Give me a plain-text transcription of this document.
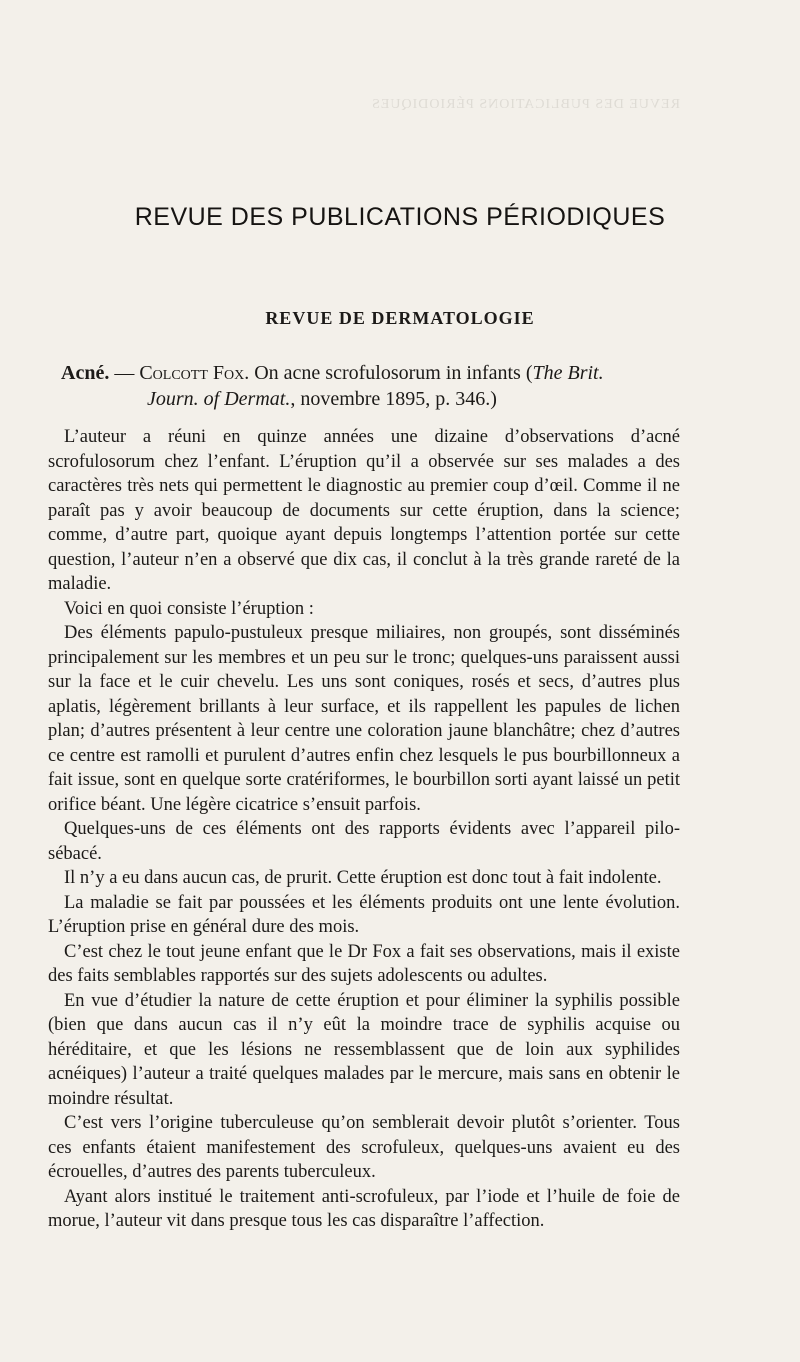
REVUE DES PUBLICATIONS PÉRIODIQUES
REVUE DES PUBLICATIONS PÉRIODIQUES
REVUE DE DERMATOLOGIE
Acné. — Colcott Fox. On acne scrofulosorum in infants (The Brit.
Journ. of Dermat., novembre 1895, p. 346.)

L’auteur a réuni en quinze années une dizaine d’observations d’acné scrofulosorum chez l’enfant. L’éruption qu’il a observée sur ses malades a des caractères très nets qui permettent le diagnostic au premier coup d’œil. Comme il ne paraît pas y avoir beaucoup de documents sur cette éruption, dans la science; comme, d’autre part, quoique ayant depuis longtemps l’attention portée sur cette question, l’auteur n’en a observé que dix cas, il conclut à la très grande rareté de la maladie.

Voici en quoi consiste l’éruption :

Des éléments papulo-pustuleux presque miliaires, non groupés, sont disséminés principalement sur les membres et un peu sur le tronc; quelques-uns paraissent aussi sur la face et le cuir chevelu. Les uns sont coniques, rosés et secs, d’autres plus aplatis, légèrement brillants à leur surface, et ils rappellent les papules de lichen plan; d’autres présentent à leur centre une coloration jaune blanchâtre; chez d’autres ce centre est ramolli et purulent d’autres enfin chez lesquels le pus bourbillonneux a fait issue, sont en quelque sorte cratériformes, le bourbillon sorti ayant laissé un petit orifice béant. Une légère cicatrice s’ensuit parfois.

Quelques-uns de ces éléments ont des rapports évidents avec l’appareil pilo-sébacé.

Il n’y a eu dans aucun cas, de prurit. Cette éruption est donc tout à fait indolente.

La maladie se fait par poussées et les éléments produits ont une lente évolution. L’éruption prise en général dure des mois.

C’est chez le tout jeune enfant que le Dr Fox a fait ses observations, mais il existe des faits semblables rapportés sur des sujets adolescents ou adultes.

En vue d’étudier la nature de cette éruption et pour éliminer la syphilis possible (bien que dans aucun cas il n’y eût la moindre trace de syphilis acquise ou héréditaire, et que les lésions ne ressemblassent que de loin aux syphilides acnéiques) l’auteur a traité quelques malades par le mercure, mais sans en obtenir le moindre résultat.

C’est vers l’origine tuberculeuse qu’on semblerait devoir plutôt s’orienter. Tous ces enfants étaient manifestement des scrofuleux, quelques-uns avaient eu des écrouelles, d’autres des parents tuberculeux.

Ayant alors institué le traitement anti-scrofuleux, par l’iode et l’huile de foie de morue, l’auteur vit dans presque tous les cas disparaître l’affection.
